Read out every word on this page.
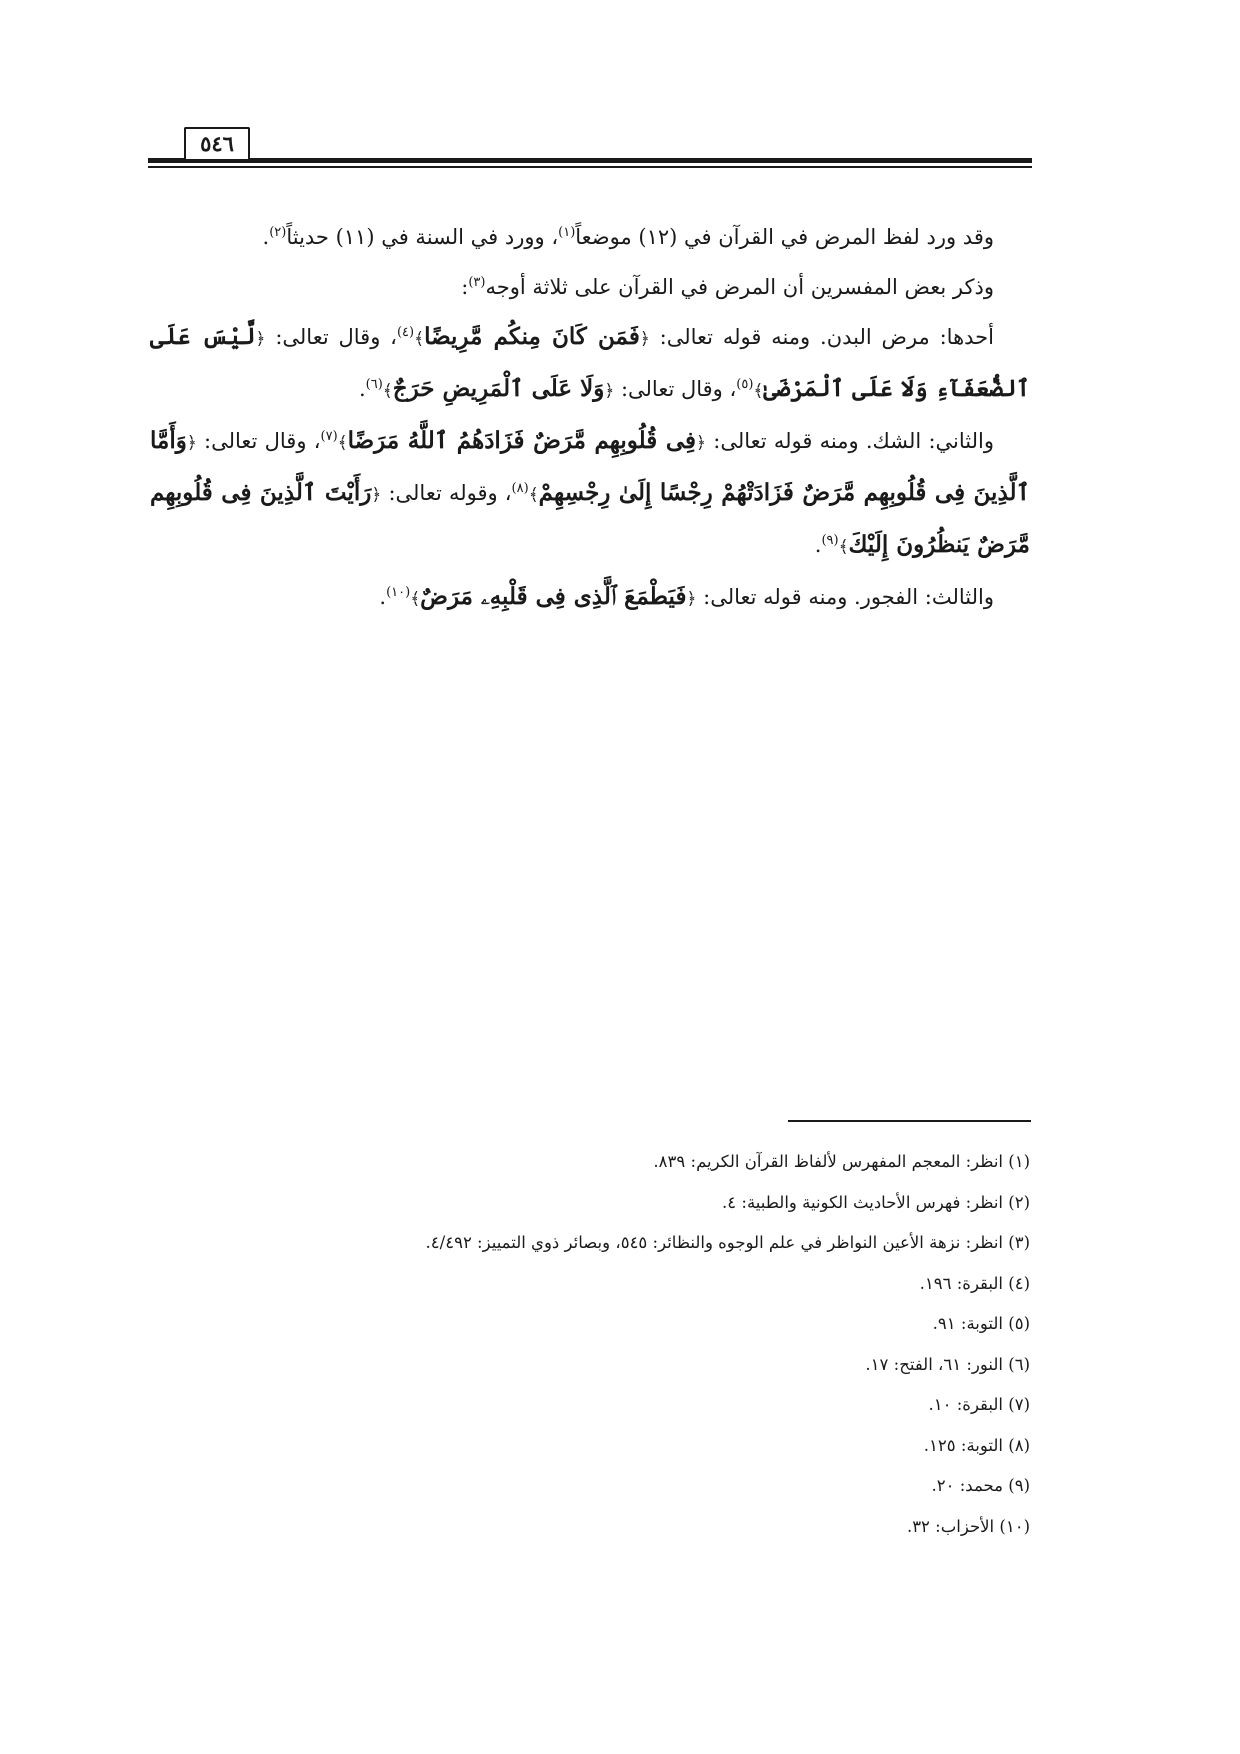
٥٤٦

وقد ورد لفظ المرض في القرآن في (١٢) موضعاً$^{(١)}$، وورد في السنة في (١١) حديثاً$^{(٢)}$.

وذكر بعض المفسرين أن المرض في القرآن على ثلاثة أوجه$^{(٣)}$:

أحدها: مرض البدن. ومنه قوله تعالى: ﴿فَمَن كَانَ مِنكُم مَّرِيضًا﴾$^{(٤)}$، وقال تعالى: ﴿لَّيْسَ عَلَى ٱلضُّعَفَآءِ وَلَا عَلَى ٱلْمَرْضَىٰ﴾$^{(٥)}$، وقال تعالى: ﴿وَلَا عَلَى ٱلْمَرِيضِ حَرَجٌ﴾$^{(٦)}$.

والثاني: الشك. ومنه قوله تعالى: ﴿فِى قُلُوبِهِم مَّرَضٌ فَزَادَهُمُ ٱللَّهُ مَرَضًا﴾$^{(٧)}$، وقال تعالى: ﴿وَأَمَّا ٱلَّذِينَ فِى قُلُوبِهِم مَّرَضٌ فَزَادَتْهُمْ رِجْسًا إِلَىٰ رِجْسِهِمْ﴾$^{(٨)}$، وقوله تعالى: ﴿رَأَيْتَ ٱلَّذِينَ فِى قُلُوبِهِم مَّرَضٌ يَنظُرُونَ إِلَيْكَ﴾$^{(٩)}$.

والثالث: الفجور. ومنه قوله تعالى: ﴿فَيَطْمَعَ ٱلَّذِى فِى قَلْبِهِۦ مَرَضٌ﴾$^{(١٠)}$.

(١) انظر: المعجم المفهرس لألفاظ القرآن الكريم: ٨٣٩.
(٢) انظر: فهرس الأحاديث الكونية والطبية: ٤.
(٣) انظر: نزهة الأعين النواظر في علم الوجوه والنظائر: ٥٤٥، وبصائر ذوي التمييز: ٤/٤٩٢.
(٤) البقرة: ١٩٦.
(٥) التوبة: ٩١.
(٦) النور: ٦١، الفتح: ١٧.
(٧) البقرة: ١٠.
(٨) التوبة: ١٢٥.
(٩) محمد: ٢٠.
(١٠) الأحزاب: ٣٢.
